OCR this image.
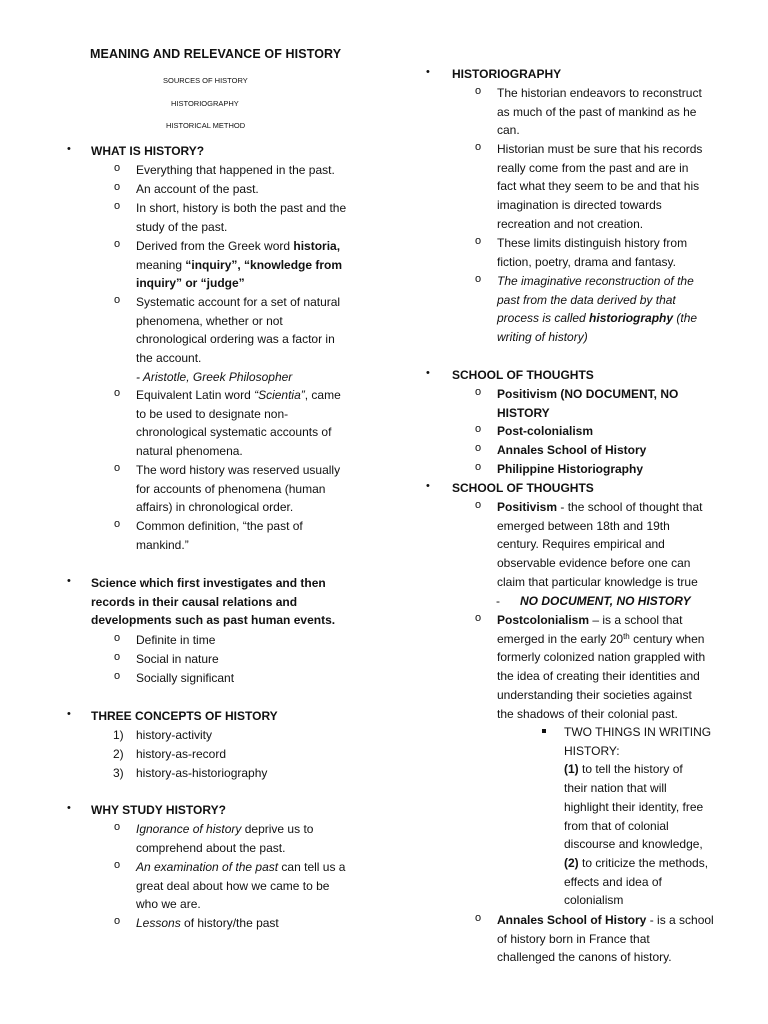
MEANING AND RELEVANCE OF HISTORY
SOURCES OF HISTORY
HISTORIOGRAPHY
HISTORICAL METHOD
• WHAT IS HISTORY?
o Everything that happened in the past.
o An account of the past.
o In short, history is both the past and the
study of the past.
o Derived from the Greek word historia,
meaning “inquiry”, “knowledge from
inquiry” or “judge”
o Systematic account for a set of natural
phenomena, whether or not
chronological ordering was a factor in
the account.
- Aristotle, Greek Philosopher
o Equivalent Latin word “Scientia”, came
to be used to designate non-
chronological systematic accounts of
natural phenomena.
o The word history was reserved usually
for accounts of phenomena (human
affairs) in chronological order.
o Common definition, “the past of
mankind.”
• Science which first investigates and then
records in their causal relations and
developments such as past human events.
o Definite in time
o Social in nature
o Socially significant
• THREE CONCEPTS OF HISTORY
1) history-activity
2) history-as-record
3) history-as-historiography
• WHY STUDY HISTORY?
o Ignorance of history deprive us to
comprehend about the past.
o An examination of the past can tell us a
great deal about how we came to be
who we are.
o Lessons of history/the past
• HISTORIOGRAPHY
o The historian endeavors to reconstruct
as much of the past of mankind as he
can.
o Historian must be sure that his records
really come from the past and are in
fact what they seem to be and that his
imagination is directed towards
recreation and not creation.
o These limits distinguish history from
fiction, poetry, drama and fantasy.
o The imaginative reconstruction of the
past from the data derived by that
process is called historiography (the
writing of history)
• SCHOOL OF THOUGHTS
o Positivism (NO DOCUMENT, NO
HISTORY
o Post-colonialism
o Annales School of History
o Philippine Historiography
• SCHOOL OF THOUGHTS
o Positivism - the school of thought that
emerged between 18th and 19th
century. Requires empirical and
observable evidence before one can
claim that particular knowledge is true
- NO DOCUMENT, NO HISTORY
o Postcolonialism – is a school that
emerged in the early 20th century when
formerly colonized nation grappled with
the idea of creating their identities and
understanding their societies against
the shadows of their colonial past.
TWO THINGS IN WRITING
HISTORY:
(1) to tell the history of
their nation that will
highlight their identity, free
from that of colonial
discourse and knowledge,
(2) to criticize the methods,
effects and idea of
colonialism
o Annales School of History - is a school
of history born in France that
challenged the canons of history.
